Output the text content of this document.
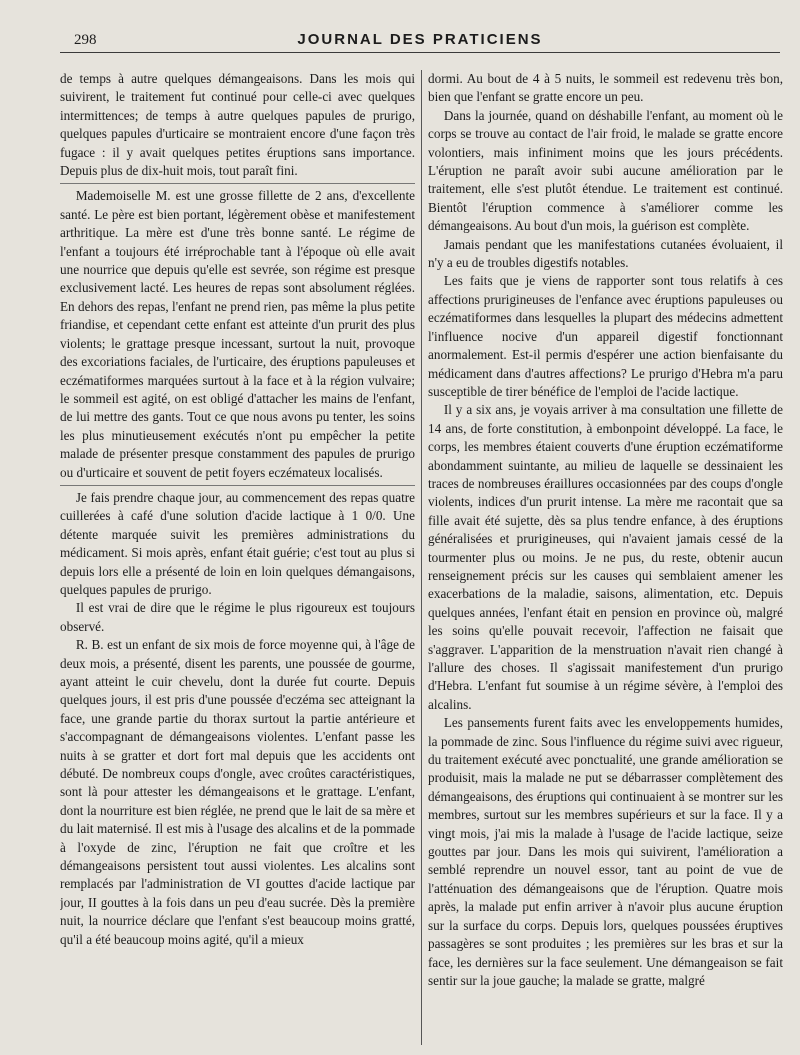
298	JOURNAL DES PRATICIENS

de temps à autre quelques démangeaisons. Dans les mois qui suivirent, le traitement fut continué pour celle-ci avec quelques intermittences; de temps à autre quelques papules de prurigo, quelques papules d'urticaire se montraient encore d'une façon très fugace : il y avait quelques petites éruptions sans importance. Depuis plus de dix-huit mois, tout paraît fini.

Mademoiselle M. est une grosse fillette de 2 ans, d'excellente santé. Le père est bien portant, légèrement obèse et manifestement arthritique. La mère est d'une très bonne santé. Le régime de l'enfant a toujours été irréprochable tant à l'époque où elle avait une nourrice que depuis qu'elle est sevrée, son régime est presque exclusivement lacté. Les heures de repas sont absolument réglées. En dehors des repas, l'enfant ne prend rien, pas même la plus petite friandise, et cependant cette enfant est atteinte d'un prurit des plus violents; le grattage presque incessant, surtout la nuit, provoque des excoriations faciales, de l'urticaire, des éruptions papuleuses et eczématiformes marquées surtout à la face et à la région vulvaire; le sommeil est agité, on est obligé d'attacher les mains de l'enfant, de lui mettre des gants. Tout ce que nous avons pu tenter, les soins les plus minutieusement exécutés n'ont pu empêcher la petite malade de présenter presque constamment des papules de prurigo ou d'urticaire et souvent de petit foyers eczémateux localisés.

Je fais prendre chaque jour, au commencement des repas quatre cuillerées à café d'une solution d'acide lactique à 1 0/0. Une détente marquée suivit les premières administrations du médicament. Si mois après, enfant était guérie; c'est tout au plus si depuis lors elle a présenté de loin en loin quelques démangaisons, quelques papules de prurigo.

Il est vrai de dire que le régime le plus rigoureux est toujours observé.

R. B. est un enfant de six mois de force moyenne qui, à l'âge de deux mois, a présenté, disent les parents, une poussée de gourme, ayant atteint le cuir chevelu, dont la durée fut courte. Depuis quelques jours, il est pris d'une poussée d'eczéma sec atteignant la face, une grande partie du thorax surtout la partie antérieure et s'accompagnant de démangeaisons violentes. L'enfant passe les nuits à se gratter et dort fort mal depuis que les accidents ont débuté. De nombreux coups d'ongle, avec croûtes caractéristiques, sont là pour attester les démangeaisons et le grattage. L'enfant, dont la nourriture est bien réglée, ne prend que le lait de sa mère et du lait maternisé. Il est mis à l'usage des alcalins et de la pommade à l'oxyde de zinc, l'éruption ne fait que croître et les démangeaisons persistent tout aussi violentes. Les alcalins sont remplacés par l'administration de VI gouttes d'acide lactique par jour, II gouttes à la fois dans un peu d'eau sucrée. Dès la première nuit, la nourrice déclare que l'enfant s'est beaucoup moins gratté, qu'il a été beaucoup moins agité, qu'il a mieux

dormi. Au bout de 4 à 5 nuits, le sommeil est redevenu très bon, bien que l'enfant se gratte encore un peu.

Dans la journée, quand on déshabille l'enfant, au moment où le corps se trouve au contact de l'air froid, le malade se gratte encore volontiers, mais infiniment moins que les jours précédents. L'éruption ne paraît avoir subi aucune amélioration par le traitement, elle s'est plutôt étendue. Le traitement est continué. Bientôt l'éruption commence à s'améliorer comme les démangeaisons. Au bout d'un mois, la guérison est complète.

Jamais pendant que les manifestations cutanées évoluaient, il n'y a eu de troubles digestifs notables.

Les faits que je viens de rapporter sont tous relatifs à ces affections prurigineuses de l'enfance avec éruptions papuleuses ou eczématiformes dans lesquelles la plupart des médecins admettent l'influence nocive d'un appareil digestif fonctionnant anormalement. Est-il permis d'espérer une action bienfaisante du médicament dans d'autres affections? Le prurigo d'Hebra m'a paru susceptible de tirer bénéfice de l'emploi de l'acide lactique.

Il y a six ans, je voyais arriver à ma consultation une fillette de 14 ans, de forte constitution, à embonpoint développé. La face, le corps, les membres étaient couverts d'une éruption eczématiforme abondamment suintante, au milieu de laquelle se dessinaient les traces de nombreuses éraillures occasionnées par des coups d'ongle violents, indices d'un prurit intense. La mère me racontait que sa fille avait été sujette, dès sa plus tendre enfance, à des éruptions généralisées et prurigineuses, qui n'avaient jamais cessé de la tourmenter plus ou moins. Je ne pus, du reste, obtenir aucun renseignement précis sur les causes qui semblaient amener les exacerbations de la maladie, saisons, alimentation, etc. Depuis quelques années, l'enfant était en pension en province où, malgré les soins qu'elle pouvait recevoir, l'affection ne faisait que s'aggraver. L'apparition de la menstruation n'avait rien changé à l'allure des choses. Il s'agissait manifestement d'un prurigo d'Hebra. L'enfant fut soumise à un régime sévère, à l'emploi des alcalins.

Les pansements furent faits avec les enveloppements humides, la pommade de zinc. Sous l'influence du régime suivi avec rigueur, du traitement exécuté avec ponctualité, une grande amélioration se produisit, mais la malade ne put se débarrasser complètement des démangeaisons, des éruptions qui continuaient à se montrer sur les membres, surtout sur les membres supérieurs et sur la face. Il y a vingt mois, j'ai mis la malade à l'usage de l'acide lactique, seize gouttes par jour. Dans les mois qui suivirent, l'amélioration a semblé reprendre un nouvel essor, tant au point de vue de l'atténuation des démangeaisons que de l'éruption. Quatre mois après, la malade put enfin arriver à n'avoir plus aucune éruption sur la surface du corps. Depuis lors, quelques poussées éruptives passagères se sont produites ; les premières sur les bras et sur la face, les dernières sur la face seulement. Une démangeaison se fait sentir sur la joue gauche; la malade se gratte, malgré
